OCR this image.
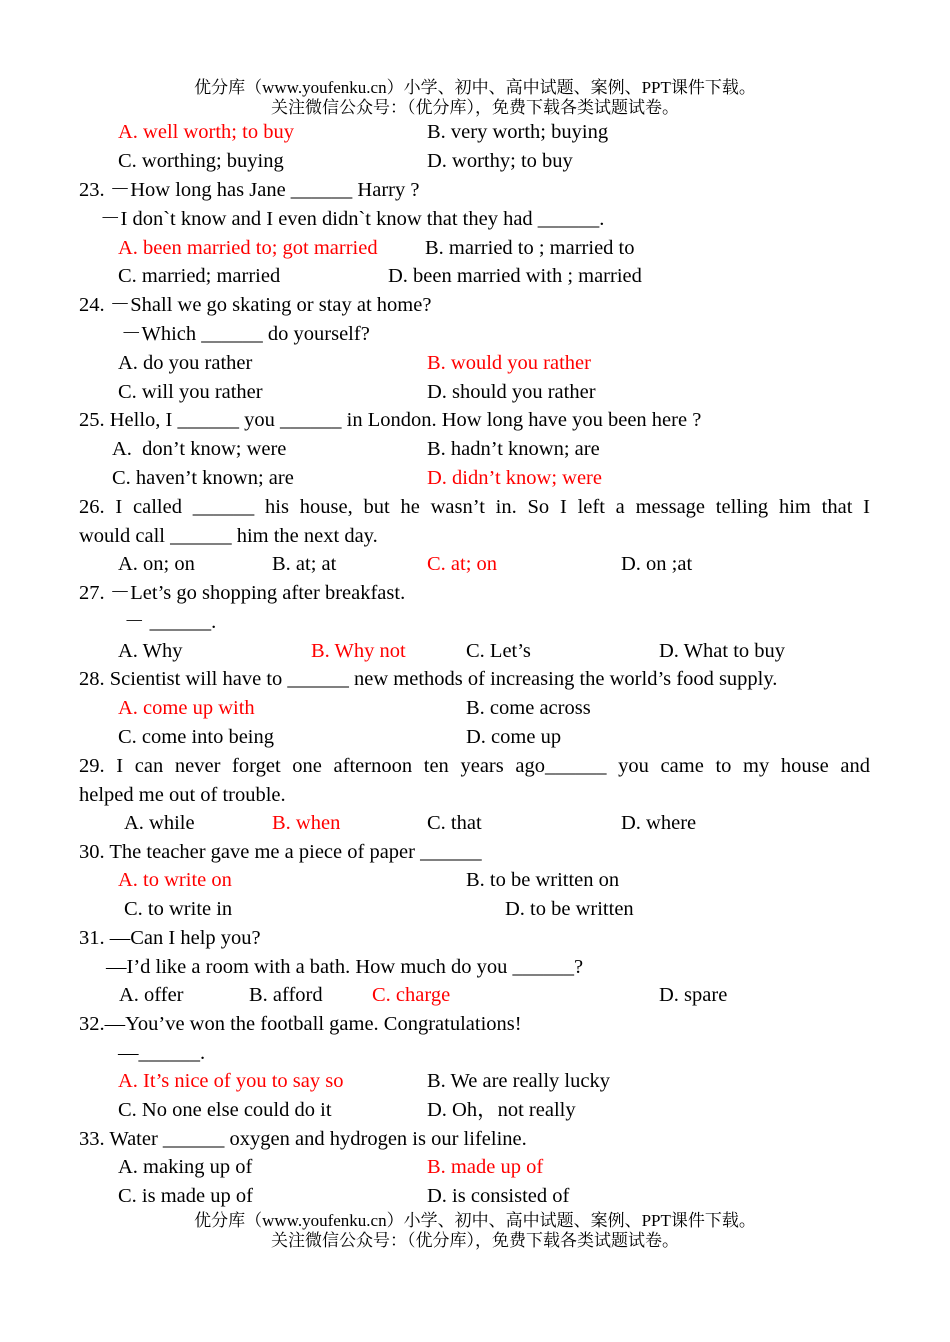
优分库（www.youfenku.cn）小学、初中、高中试题、案例、PPT课件下载。
关注微信公众号：（优分库），免费下载各类试题试卷。
A. well worth; to buy	B. very worth; buying
C. worthing; buying	D. worthy; to buy
23. －How long has Jane ______ Harry ?
－I don`t know and I even didn`t know that they had ______.
A. been married to; got married B. married to ; married to
C. married; married	D. been married with ; married
24. －Shall we go skating or stay at home?
－Which ______ do yourself?
A. do you rather	B. would you rather
C. will you rather	D. should you rather
25. Hello, I ______ you ______ in London. How long have you been here ?
A.  don’t know; were	B. hadn’t known; are
C. haven’t known; are	D. didn’t know; were
26. I called ______ his house, but he wasn’t in. So I left a message telling him that I
would call ______ him the next day.
A. on; on	B. at; at	C. at; on	D. on ;at
27. －Let’s go shopping after breakfast.
－ ______.
A. Why	B. Why not	C. Let’s	D. What to buy
28. Scientist will have to ______ new methods of increasing the world’s food supply.
A. come up with	B. come across
C. come into being	D. come up
29. I can never forget one afternoon ten years ago______ you came to my house and
helped me out of trouble.
A. while	B. when	C. that	D. where
30. The teacher gave me a piece of paper ______
A. to write on	B. to be written on
C. to write in	D. to be written
31. —Can I help you?
—I’d like a room with a bath. How much do you ______?
A. offer	B. afford C. charge	D. spare
32.—You’ve won the football game. Congratulations!
—______.
A. It’s nice of you to say so	B. We are really lucky
C. No one else could do it	D. Oh，not really
33. Water ______ oxygen and hydrogen is our lifeline.
A. making up of	B. made up of
C. is made up of	D. is consisted of
优分库（www.youfenku.cn）小学、初中、高中试题、案例、PPT课件下载。
关注微信公众号：（优分库），免费下载各类试题试卷。
